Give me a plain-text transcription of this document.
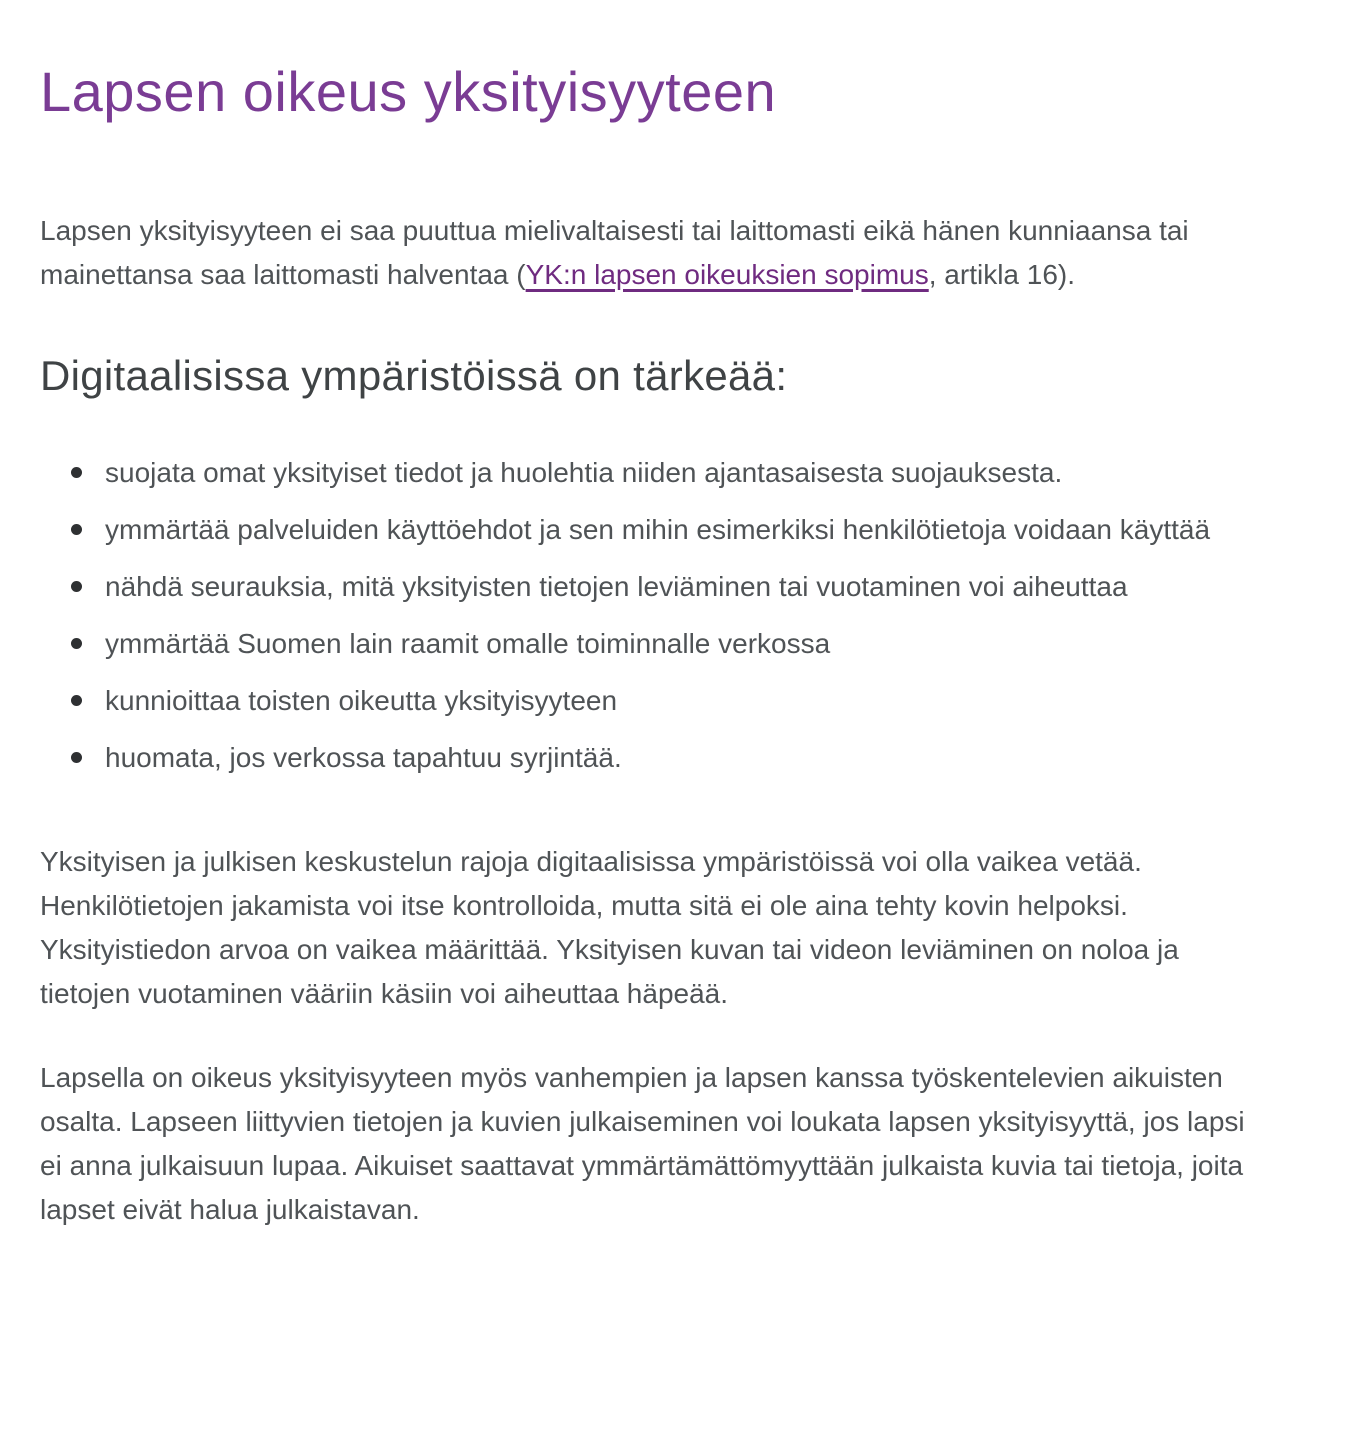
Lapsen oikeus yksityisyyteen

Lapsen yksityisyyteen ei saa puuttua mielivaltaisesti tai laittomasti eikä hänen kunniaansa tai mainettansa saa laittomasti halventaa (YK:n lapsen oikeuksien sopimus, artikla 16).

Digitaalisissa ympäristöissä on tärkeää:
suojata omat yksityiset tiedot ja huolehtia niiden ajantasaisesta suojauksesta.
ymmärtää palveluiden käyttöehdot ja sen mihin esimerkiksi henkilötietoja voidaan käyttää
nähdä seurauksia, mitä yksityisten tietojen leviäminen tai vuotaminen voi aiheuttaa
ymmärtää Suomen lain raamit omalle toiminnalle verkossa
kunnioittaa toisten oikeutta yksityisyyteen
huomata, jos verkossa tapahtuu syrjintää.

Yksityisen ja julkisen keskustelun rajoja digitaalisissa ympäristöissä voi olla vaikea vetää. Henkilötietojen jakamista voi itse kontrolloida, mutta sitä ei ole aina tehty kovin helpoksi. Yksityistiedon arvoa on vaikea määrittää. Yksityisen kuvan tai videon leviäminen on noloa ja tietojen vuotaminen vääriin käsiin voi aiheuttaa häpeää.

Lapsella on oikeus yksityisyyteen myös vanhempien ja lapsen kanssa työskentelevien aikuisten osalta. Lapseen liittyvien tietojen ja kuvien julkaiseminen voi loukata lapsen yksityisyyttä, jos lapsi ei anna julkaisuun lupaa. Aikuiset saattavat ymmärtämättömyyttään julkaista kuvia tai tietoja, joita lapset eivät halua julkaistavan.
